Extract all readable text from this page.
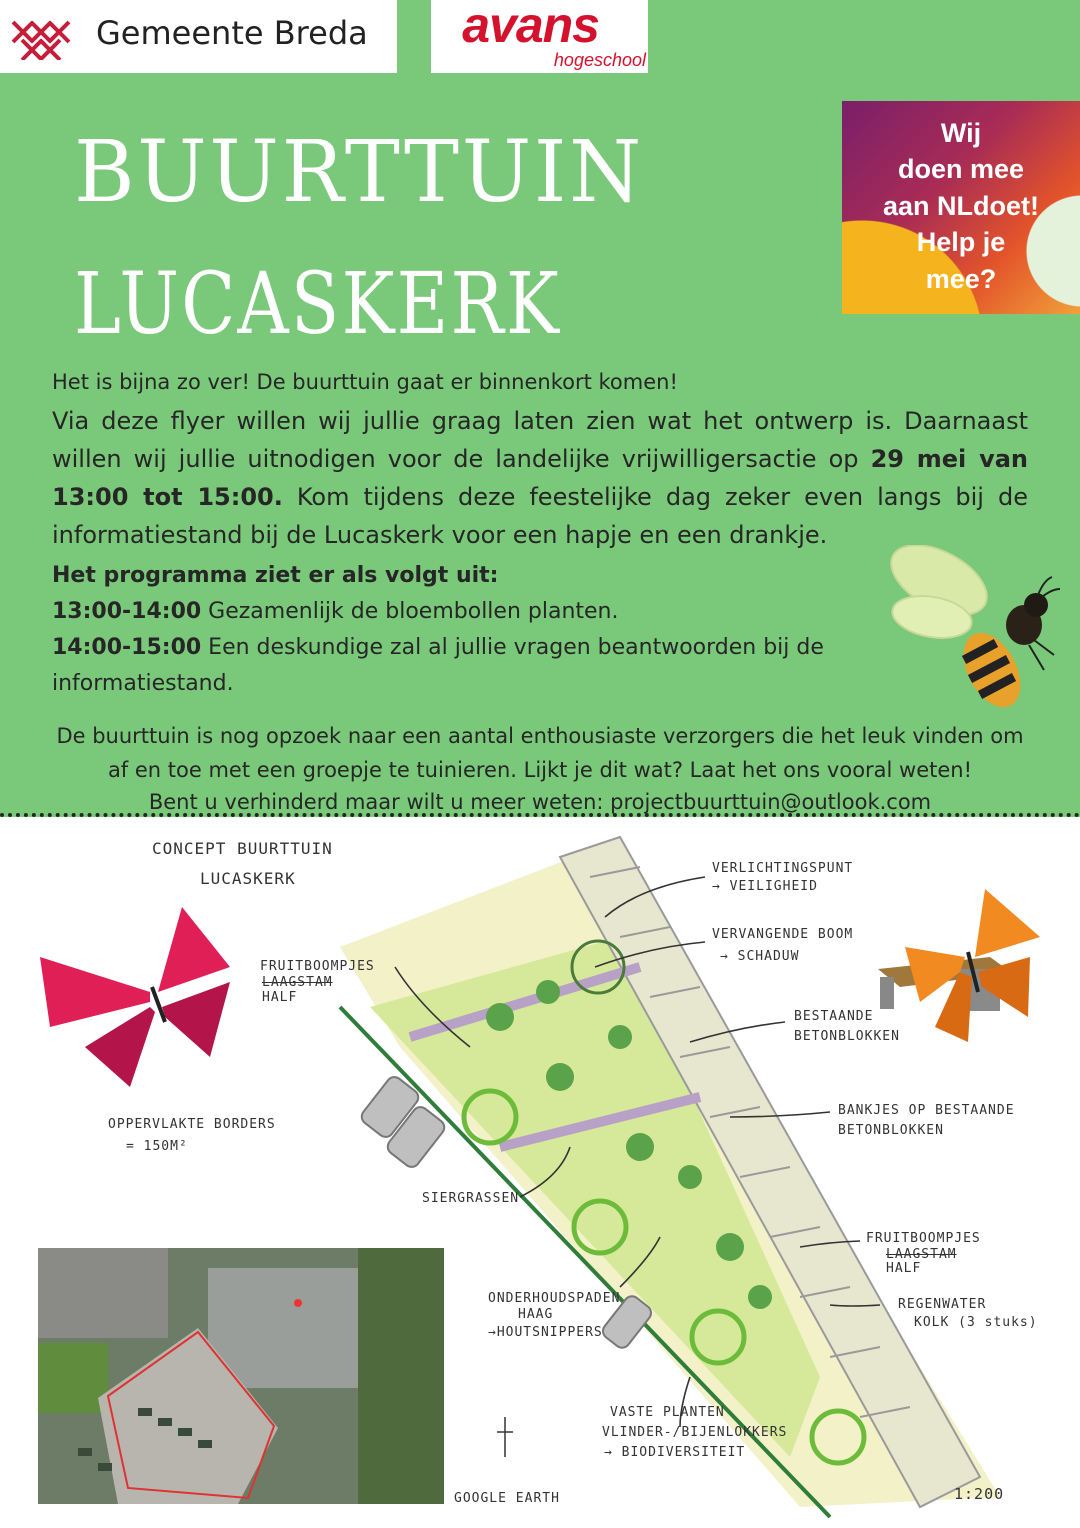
Gemeente Breda	avans
hogeschool
BUURTTUIN
LUCASKERK
Wij
doen mee
aan NLdoet!
Help je
mee?
Het is bijna zo ver! De buurttuin gaat er binnenkort komen!
Via deze flyer willen wij jullie graag laten zien wat het ontwerp is. Daarnaast willen wij jullie uitnodigen voor de landelijke vrijwilligersactie op 29 mei van 13:00 tot 15:00. Kom tijdens deze feestelijke dag zeker even langs bij de informatiestand bij de Lucaskerk voor een hapje en een drankje.
Het programma ziet er als volgt uit:
13:00-14:00 Gezamenlijk de bloembollen planten.
14:00-15:00 Een deskundige zal al jullie vragen beantwoorden bij de informatiestand.
De buurttuin is nog opzoek naar een aantal enthousiaste verzorgers die het leuk vinden om
af en toe met een groepje te tuinieren. Lijkt je dit wat? Laat het ons vooral weten!
Bent u verhinderd maar wilt u meer weten: projectbuurttuin@outlook.com
CONCEPT BUURTTUIN
LUCASKERK
VERLICHTINGSPUNT
→ VEILIGHEID
VERVANGENDE BOOM
→ SCHADUW
FRUITBOOMPJES
LAAGSTAM
HALF
BESTAANDE
BETONBLOKKEN
OPPERVLAKTE BORDERS
= 150M²
BANKJES OP BESTAANDE
BETONBLOKKEN
SIERGRASSEN
FRUITBOOMPJES
LAAGSTAM
HALF
ONDERHOUDSPADEN
HAAG
→HOUTSNIPPERS
REGENWATER
KOLK (3 stuks)
VASTE PLANTEN
VLINDER-/BIJENLOKKERS
→ BIODIVERSITEIT
GOOGLE EARTH	1:200
